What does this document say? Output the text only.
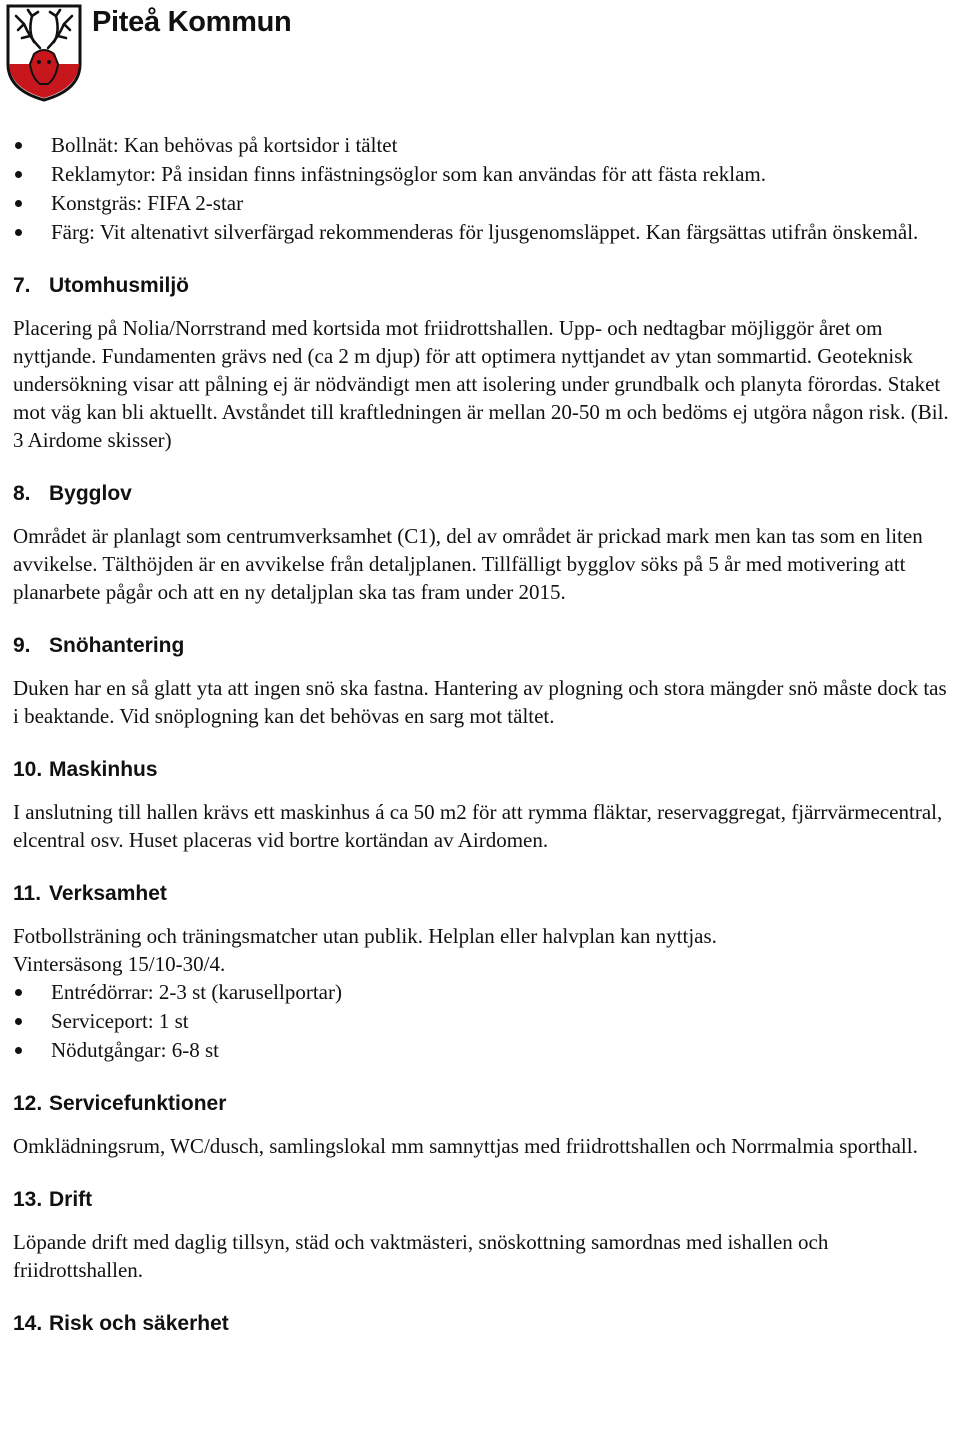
Piteå Kommun
Bollnät: Kan behövas på kortsidor i tältet
Reklamytor: På insidan finns infästningsöglor som kan användas för att fästa reklam.
Konstgräs: FIFA 2-star
Färg: Vit altenativt silverfärgad rekommenderas för ljusgenomsläppet. Kan färgsättas utifrån önskemål.
7. Utomhusmiljö

Placering på Nolia/Norrstrand med kortsida mot friidrottshallen. Upp- och nedtagbar möjliggör året om nyttjande. Fundamenten grävs ned (ca 2 m djup) för att optimera nyttjandet av ytan sommartid. Geoteknisk undersökning visar att pålning ej är nödvändigt men att isolering under grundbalk och planyta förordas. Staket mot väg kan bli aktuellt. Avståndet till kraftledningen är mellan 20-50 m och bedöms ej utgöra någon risk. (Bil. 3 Airdome skisser)

8. Bygglov

Området är planlagt som centrumverksamhet (C1), del av området är prickad mark men kan tas som en liten avvikelse. Tälthöjden är en avvikelse från detaljplanen. Tillfälligt bygglov söks på 5 år med motivering att planarbete pågår och att en ny detaljplan ska tas fram under 2015.

9. Snöhantering

Duken har en så glatt yta att ingen snö ska fastna. Hantering av plogning och stora mängder snö måste dock tas i beaktande. Vid snöplogning kan det behövas en sarg mot tältet.

10. Maskinhus

I anslutning till hallen krävs ett maskinhus á ca 50 m2 för att rymma fläktar, reservaggregat, fjärrvärmecentral, elcentral osv. Huset placeras vid bortre kortändan av Airdomen.

11. Verksamhet

Fotbollsträning och träningsmatcher utan publik. Helplan eller halvplan kan nyttjas.

Vintersäsong 15/10-30/4.

Entrédörrar: 2-3 st (karusellportar)
Serviceport: 1 st
Nödutgångar: 6-8 st
12. Servicefunktioner

Omklädningsrum, WC/dusch, samlingslokal mm samnyttjas med friidrottshallen och Norrmalmia sporthall.

13. Drift

Löpande drift med daglig tillsyn, städ och vaktmästeri, snöskottning samordnas med ishallen och friidrottshallen.

14. Risk och säkerhet
